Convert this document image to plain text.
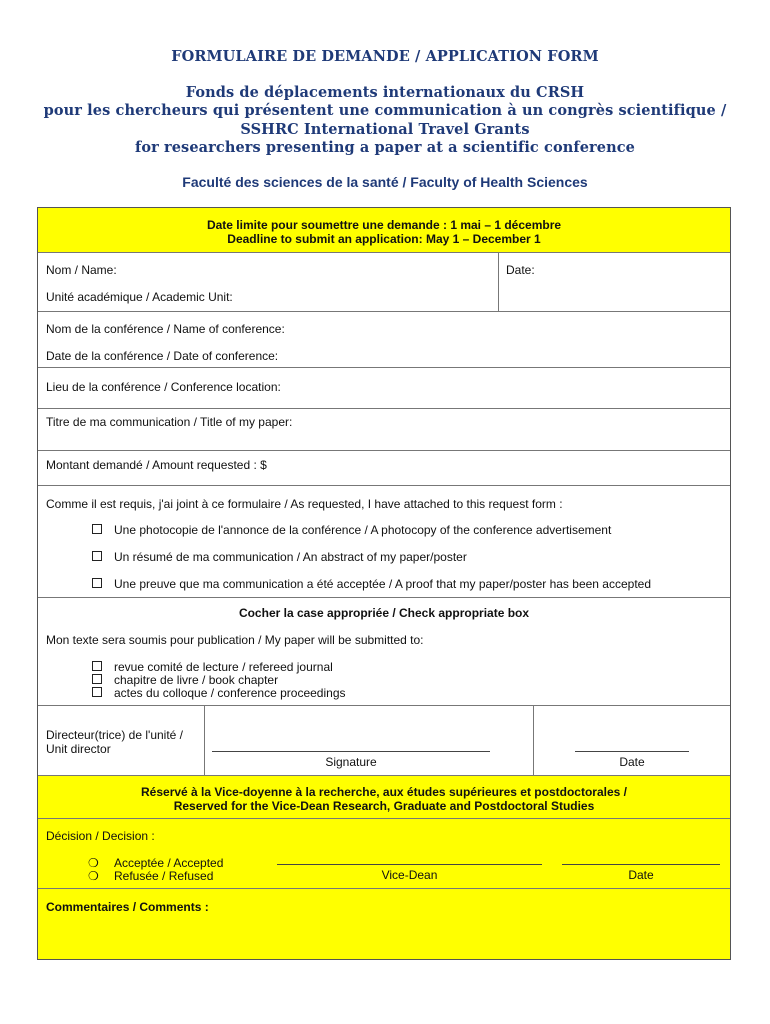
FORMULAIRE DE DEMANDE / APPLICATION FORM
Fonds de déplacements internationaux du CRSH
pour les chercheurs qui présentent une communication à un congrès scientifique /
SSHRC International Travel Grants
for researchers presenting a paper at a scientific conference
Faculté des sciences de la santé / Faculty of Health Sciences
Date limite pour soumettre une demande : 1 mai – 1 décembre
Deadline to submit an application: May 1 – December 1
Nom / Name:	Date:
Unité académique / Academic Unit:
Nom de la conférence / Name of conference:
Date de la conférence / Date of conference:
Lieu de la conférence / Conference location:
Titre de ma communication / Title of my paper:
Montant demandé / Amount requested : $
Comme il est requis, j'ai joint à ce formulaire / As requested, I have attached to this request form :
Une photocopie de l'annonce de la conférence / A photocopy of the conference advertisement
Un résumé de ma communication / An abstract of my paper/poster
Une preuve que ma communication a été acceptée / A proof that my paper/poster has been accepted
Cocher la case appropriée / Check appropriate box
Mon texte sera soumis pour publication / My paper will be submitted to:
revue comité de lecture / refereed journal
chapitre de livre / book chapter
actes du colloque / conference proceedings
Directeur(trice) de l'unité /
Unit director
Signature	Date
Réservé à la Vice-doyenne à la recherche, aux études supérieures et postdoctorales /
Reserved for the Vice-Dean Research, Graduate and Postdoctoral Studies
Décision / Decision :
❍ Acceptée / Accepted
❍ Refusée / Refused	Vice-Dean	Date
Commentaires / Comments :
